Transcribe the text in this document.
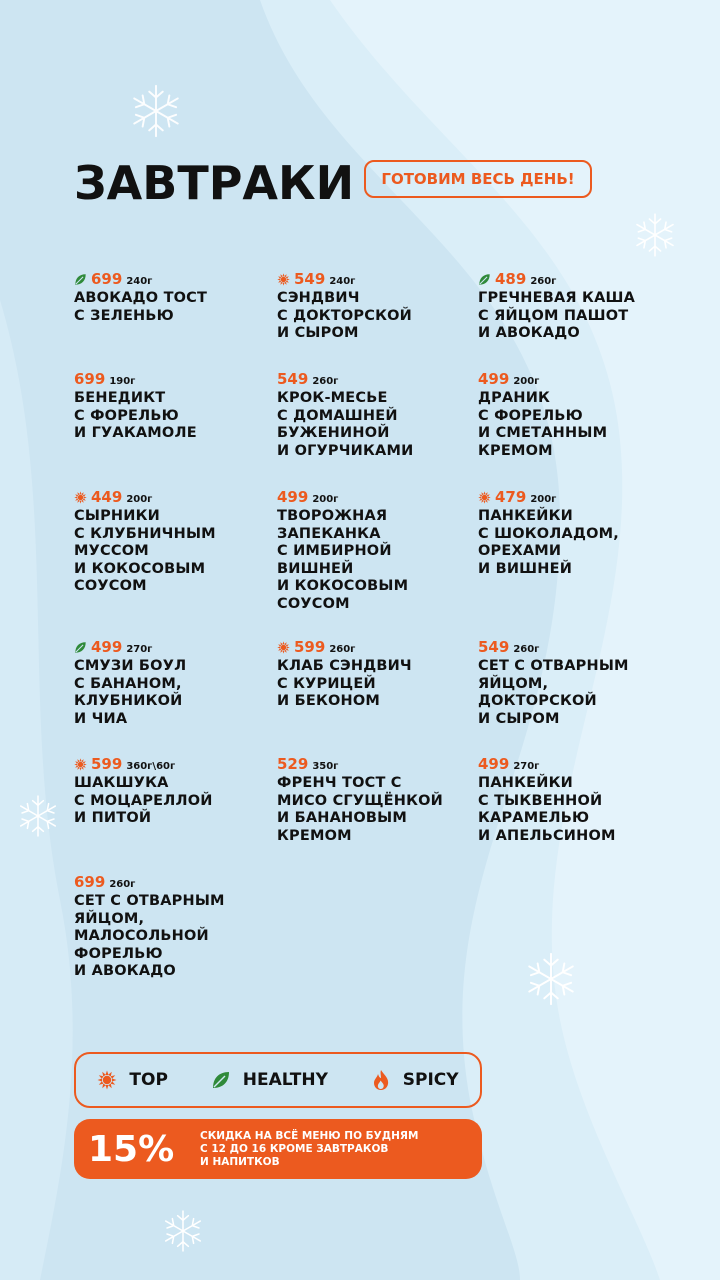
ЗАВТРАКИ	ГОТОВИМ ВЕСЬ ДЕНЬ!
699 240г
АВОКАДО ТОСТ
С ЗЕЛЕНЬЮ
549 240г
СЭНДВИЧ
С ДОКТОРСКОЙ
И СЫРОМ
489 260г
ГРЕЧНЕВАЯ КАША
С ЯЙЦОМ ПАШОТ
И АВОКАДО
699 190г
БЕНЕДИКТ
С ФОРЕЛЬЮ
И ГУАКАМОЛЕ
549 260г
КРОК-МЕСЬЕ
С ДОМАШНЕЙ
БУЖЕНИНОЙ
И ОГУРЧИКАМИ
499 200г
ДРАНИК
С ФОРЕЛЬЮ
И СМЕТАННЫМ
КРЕМОМ
449 200г
СЫРНИКИ
С КЛУБНИЧНЫМ
МУССОМ
И КОКОСОВЫМ
СОУСОМ
499 200г
ТВОРОЖНАЯ
ЗАПЕКАНКА
С ИМБИРНОЙ
ВИШНЕЙ
И КОКОСОВЫМ
СОУСОМ
479 200г
ПАНКЕЙКИ
С ШОКОЛАДОМ,
ОРЕХАМИ
И ВИШНЕЙ
499 270г
СМУЗИ БОУЛ
С БАНАНОМ,
КЛУБНИКОЙ
И ЧИА
599 260г
КЛАБ СЭНДВИЧ
С КУРИЦЕЙ
И БЕКОНОМ
549 260г
СЕТ С ОТВАРНЫМ
ЯЙЦОМ,
ДОКТОРСКОЙ
И СЫРОМ
599 360г\60г
ШАКШУКА
С МОЦАРЕЛЛОЙ
И ПИТОЙ
529 350г
ФРЕНЧ ТОСТ С
МИСО СГУЩЁНКОЙ
И БАНАНОВЫМ
КРЕМОМ
499 270г
ПАНКЕЙКИ
С ТЫКВЕННОЙ
КАРАМЕЛЬЮ
И АПЕЛЬСИНОМ
699 260г
СЕТ С ОТВАРНЫМ
ЯЙЦОМ,
МАЛОСОЛЬНОЙ
ФОРЕЛЬЮ
И АВОКАДО
TOP	HEALTHY	SPICY
15%	СКИДКА НА ВСЁ МЕНЮ ПО БУДНЯМ
С 12 ДО 16 КРОМЕ ЗАВТРАКОВ
И НАПИТКОВ
